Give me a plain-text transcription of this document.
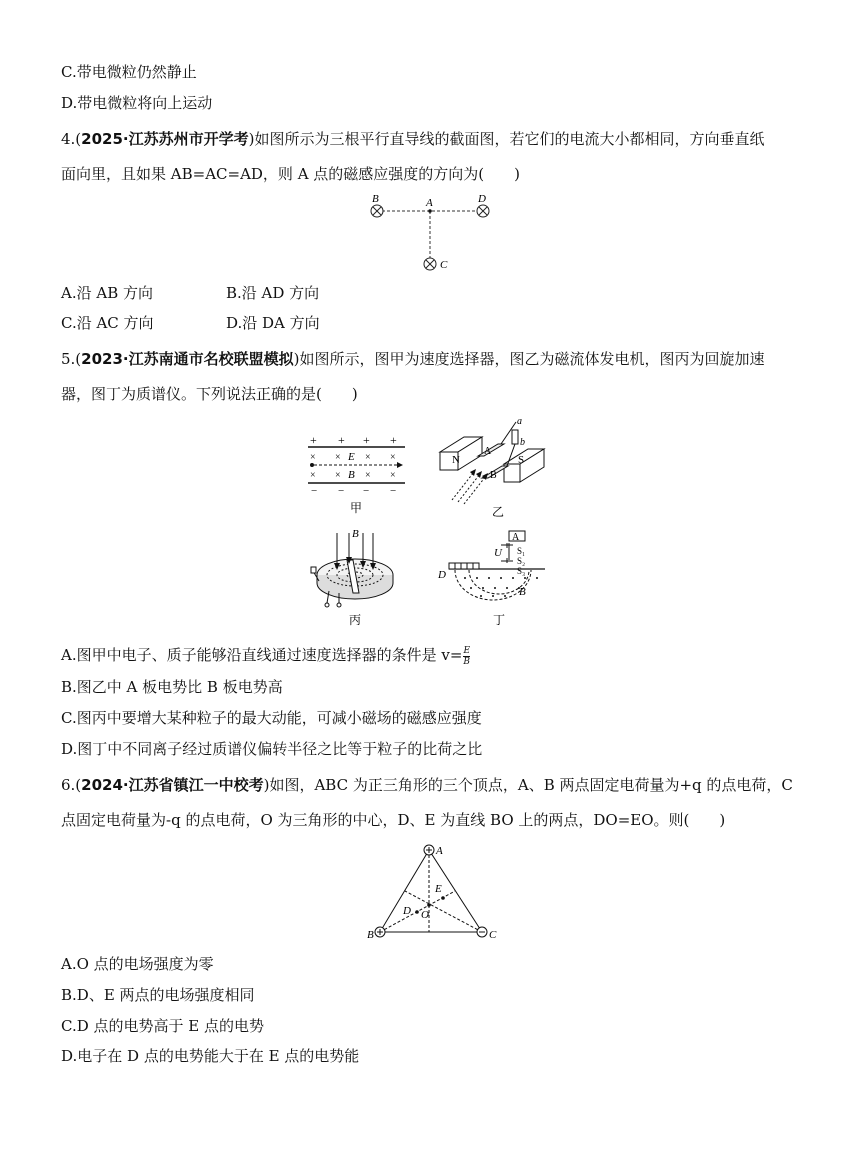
C.带电微粒仍然静止
D.带电微粒将向上运动
4.(2025·江苏苏州市开学考)如图所示为三根平行直导线的截面图，若它们的电流大小都相同，方向垂直纸
面向里，且如果 AB=AC=AD，则 A 点的磁感应强度的方向为(　　)
B	A	D
C
A.沿 AB 方向	B.沿 AD 方向
C.沿 AC 方向	D.沿 DA 方向
5.(2023·江苏南通市名校联盟模拟)如图所示，图甲为速度选择器，图乙为磁流体发电机，图丙为回旋加速
器，图丁为质谱仪。下列说法正确的是(　　)
+ + + +
× × E × ×
× × B × ×
− − − −
甲
N	S
A
B
a
b
乙
B
丙
A
U S₁
S₂
S₃
D
B
丁
A.图甲中电子、质子能够沿直线通过速度选择器的条件是 $v= \frac{E}{B}$
B.图乙中 A 板电势比 B 板电势高
C.图丙中要增大某种粒子的最大动能，可减小磁场的磁感应强度
D.图丁中不同离子经过质谱仪偏转半径之比等于粒子的比荷之比
6.(2024·江苏省镇江一中校考)如图，ABC 为正三角形的三个顶点，A、B 两点固定电荷量为+q 的点电荷，C
点固定电荷量为-q 的点电荷，O 为三角形的中心，D、E 为直线 BO 上的两点，DO=EO。则(　　)
A
B	C
D
E
O
A.O 点的电场强度为零
B.D、E 两点的电场强度相同
C.D 点的电势高于 E 点的电势
D.电子在 D 点的电势能大于在 E 点的电势能
